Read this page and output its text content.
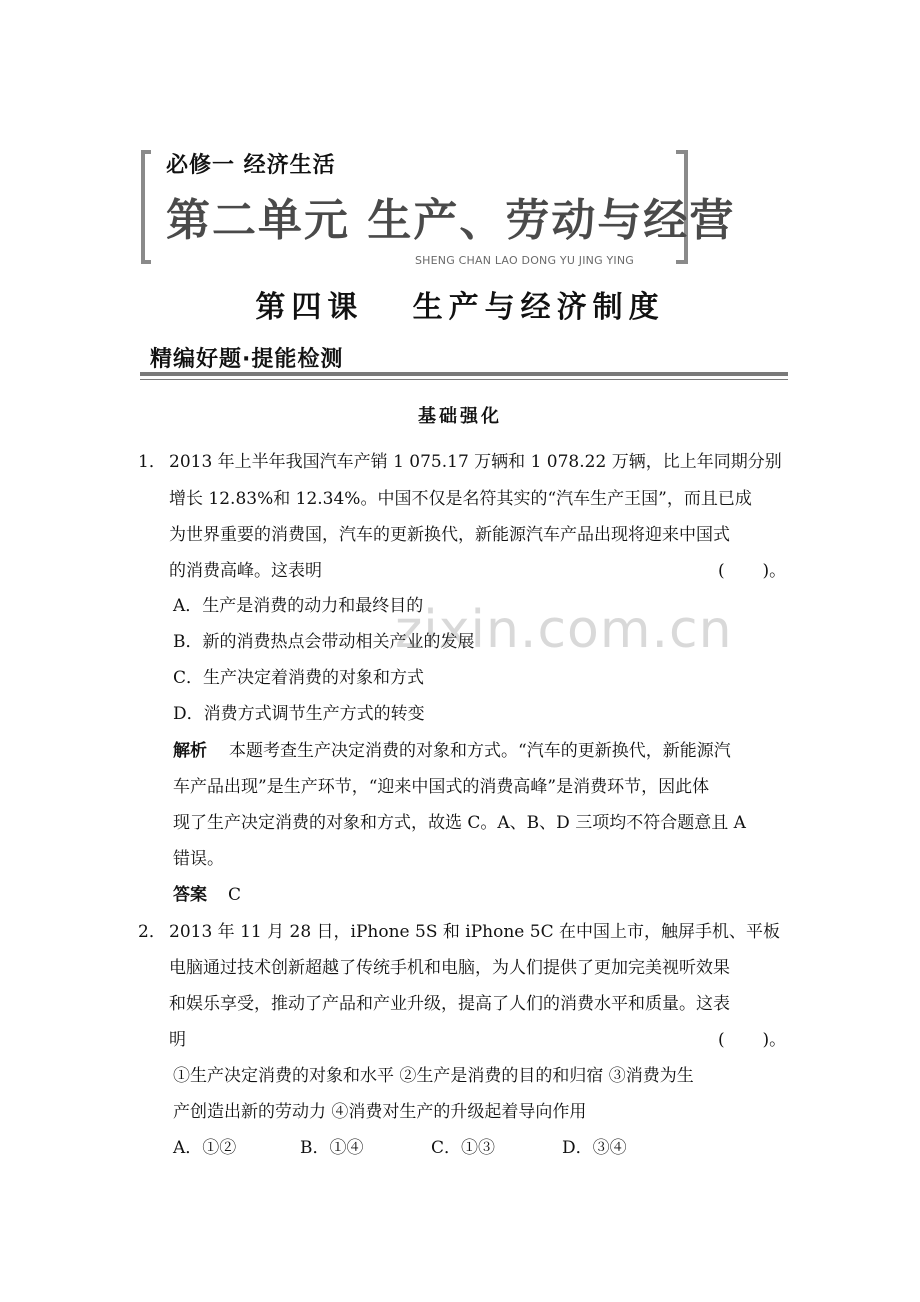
必修一 经济生活
第二单元 生产、劳动与经营
SHENG CHAN LAO DONG YU JING YING
第四课   生产与经济制度
精编好题·提能检测
基础强化
zixin.com.cn
1． 2013 年上半年我国汽车产销 1 075.17 万辆和 1 078.22 万辆，比上年同期分别
增长 12.83%和 12.34%。中国不仅是名符其实的“汽车生产王国”，而且已成
为世界重要的消费国，汽车的更新换代，新能源汽车产品出现将迎来中国式
的消费高峰。这表明	(       )。
A．生产是消费的动力和最终目的
B．新的消费热点会带动相关产业的发展
C．生产决定着消费的对象和方式
D．消费方式调节生产方式的转变
解析 本题考查生产决定消费的对象和方式。“汽车的更新换代，新能源汽
车产品出现”是生产环节，“迎来中国式的消费高峰”是消费环节，因此体
现了生产决定消费的对象和方式，故选 C。A、B、D 三项均不符合题意且 A
错误。
答案 C
2． 2013 年 11 月 28 日，iPhone 5S 和 iPhone 5C 在中国上市，触屏手机、平板
电脑通过技术创新超越了传统手机和电脑，为人们提供了更加完美视听效果
和娱乐享受，推动了产品和产业升级，提高了人们的消费水平和质量。这表
明	(       )。
①生产决定消费的对象和水平 ②生产是消费的目的和归宿 ③消费为生
产创造出新的劳动力 ④消费对生产的升级起着导向作用
A．①②	B．①④	C．①③	D．③④
